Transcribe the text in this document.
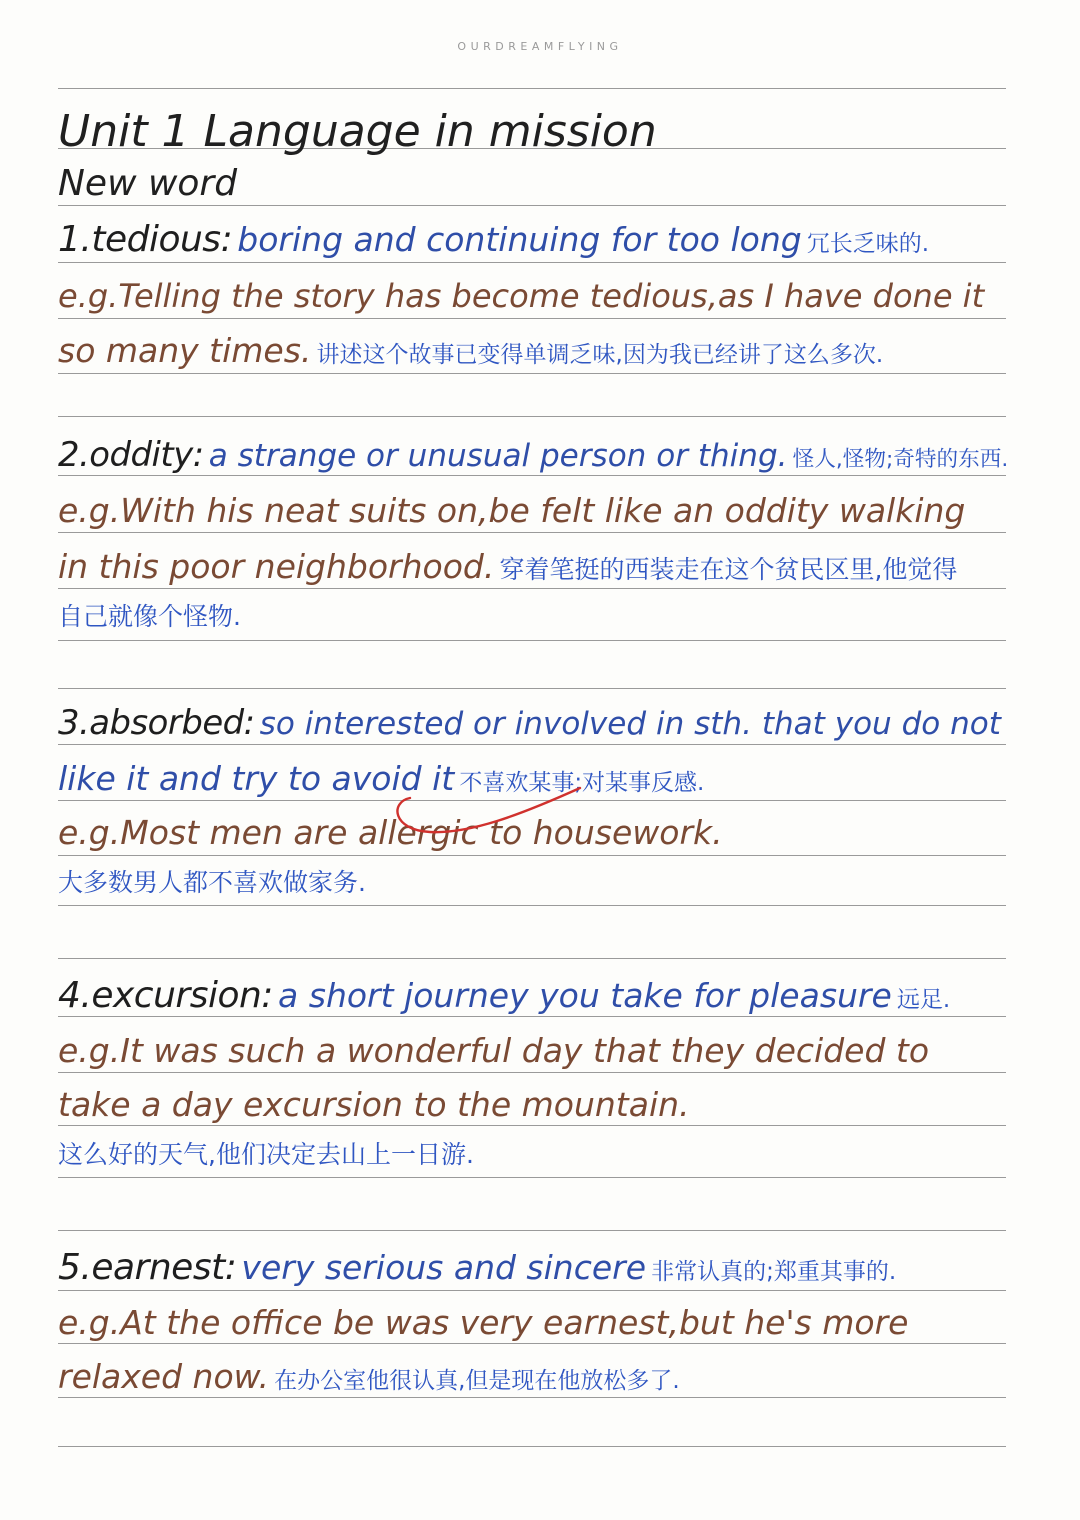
OURDREAMFLYING
Unit 1 Language in mission
New word
1.tedious: boring and continuing for too long 冗长乏味的.
e.g.Telling the story has become tedious,as I have done it
so many times. 讲述这个故事已变得单调乏味,因为我已经讲了这么多次.
2.oddity: a strange or unusual person or thing. 怪人,怪物;奇特的东西.
e.g.With his neat suits on,be felt like an oddity walking
in this poor neighborhood. 穿着笔挺的西装走在这个贫民区里,他觉得
自己就像个怪物.
3.absorbed: so interested or involved in sth. that you do not
like it and try to avoid it 不喜欢某事;对某事反感.
e.g.Most men are allergic to housework.
大多数男人都不喜欢做家务.
4.excursion: a short journey you take for pleasure 远足.
e.g.It was such a wonderful day that they decided to
take a day excursion to the mountain.
这么好的天气,他们决定去山上一日游.
5.earnest: very serious and sincere 非常认真的;郑重其事的.
e.g.At the office be was very earnest,but he's more
relaxed now. 在办公室他很认真,但是现在他放松多了.
